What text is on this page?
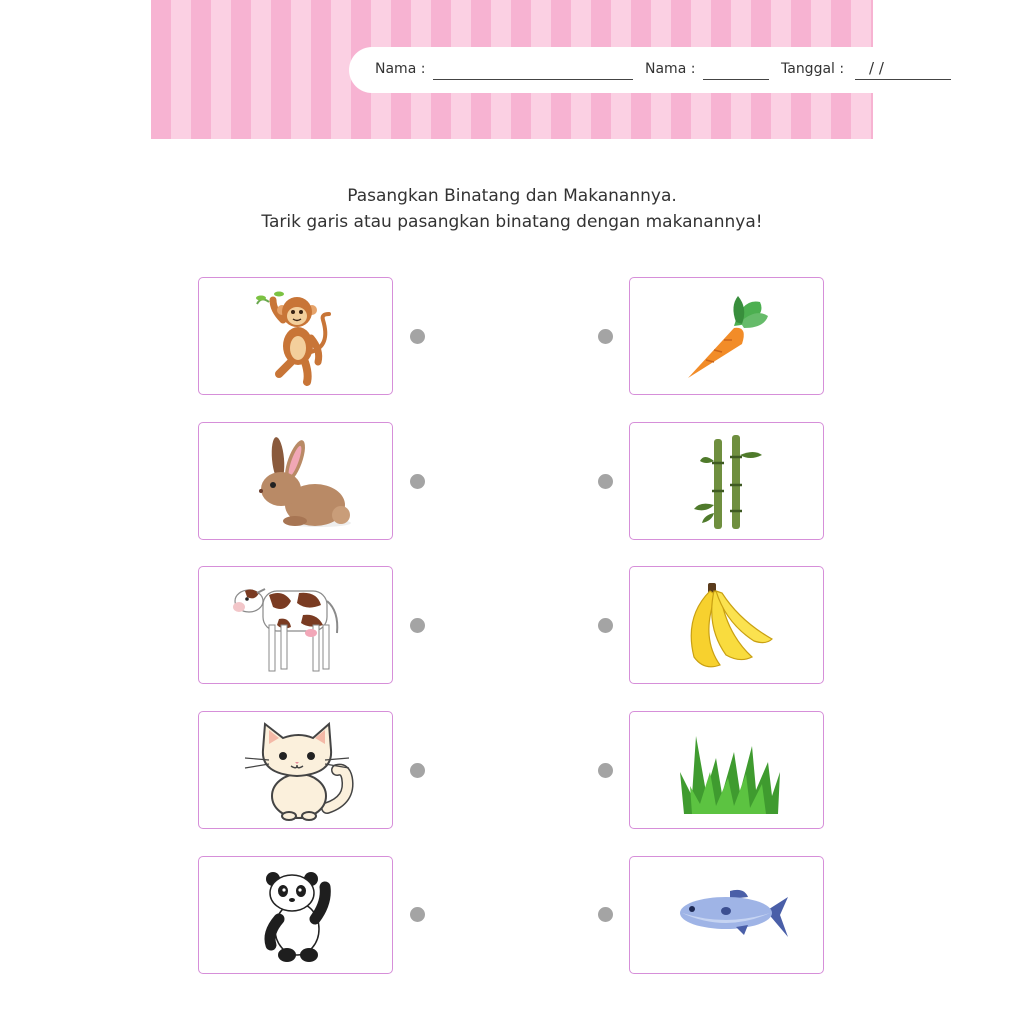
Nama :	Nama :	Tanggal : / /
Pasangkan Binatang dan Makanannya.
Tarik garis atau pasangkan binatang dengan makanannya!
